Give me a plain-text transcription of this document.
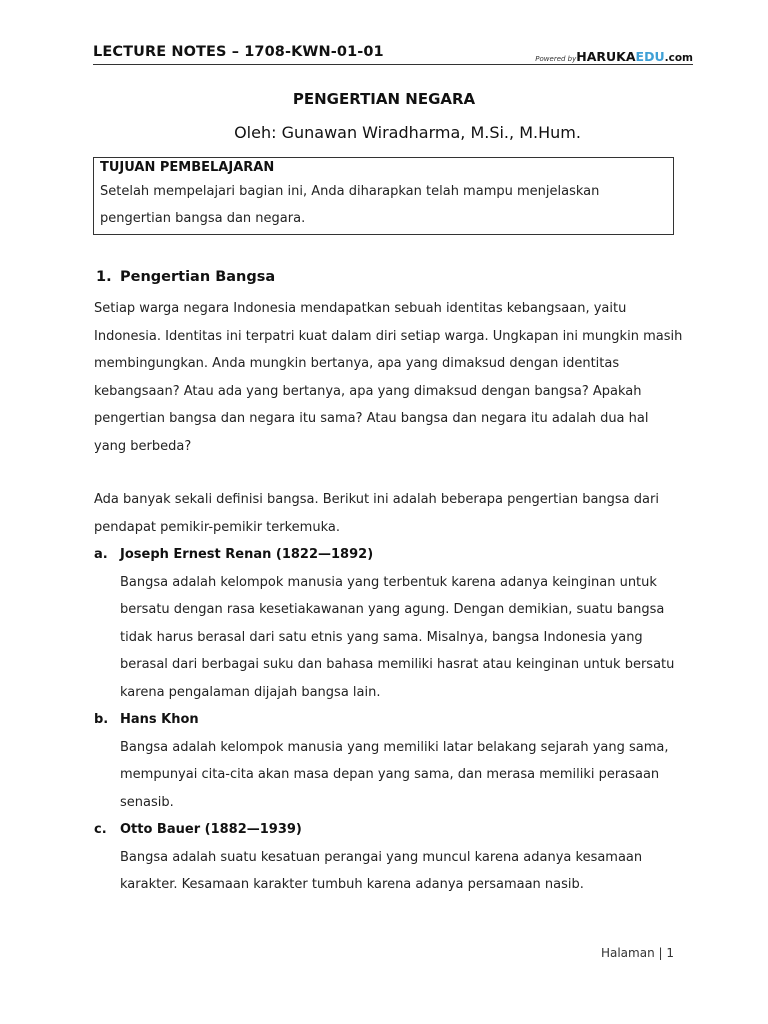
LECTURE NOTES – 1708-KWN-01-01	Powered byHARUKAEDU.com
PENGERTIAN NEGARA
Oleh: Gunawan Wiradharma, M.Si., M.Hum.
TUJUAN PEMBELAJARAN
Setelah mempelajari bagian ini, Anda diharapkan telah mampu menjelaskan pengertian bangsa dan negara.
1. Pengertian Bangsa
Setiap warga negara Indonesia mendapatkan sebuah identitas kebangsaan, yaitu Indonesia. Identitas ini terpatri kuat dalam diri setiap warga. Ungkapan ini mungkin masih membingungkan. Anda mungkin bertanya, apa yang dimaksud dengan identitas kebangsaan? Atau ada yang bertanya, apa yang dimaksud dengan bangsa? Apakah pengertian bangsa dan negara itu sama? Atau bangsa dan negara itu adalah dua hal yang berbeda?
Ada banyak sekali definisi bangsa. Berikut ini adalah beberapa pengertian bangsa dari pendapat pemikir-pemikir terkemuka.
a. Joseph Ernest Renan (1822—1892)
Bangsa adalah kelompok manusia yang terbentuk karena adanya keinginan untuk bersatu dengan rasa kesetiakawanan yang agung. Dengan demikian, suatu bangsa tidak harus berasal dari satu etnis yang sama. Misalnya, bangsa Indonesia yang berasal dari berbagai suku dan bahasa memiliki hasrat atau keinginan untuk bersatu karena pengalaman dijajah bangsa lain.
b. Hans Khon
Bangsa adalah kelompok manusia yang memiliki latar belakang sejarah yang sama, mempunyai cita-cita akan masa depan yang sama, dan merasa memiliki perasaan senasib.
c. Otto Bauer (1882—1939)
Bangsa adalah suatu kesatuan perangai yang muncul karena adanya kesamaan karakter. Kesamaan karakter tumbuh karena adanya persamaan nasib.
Halaman | 1
